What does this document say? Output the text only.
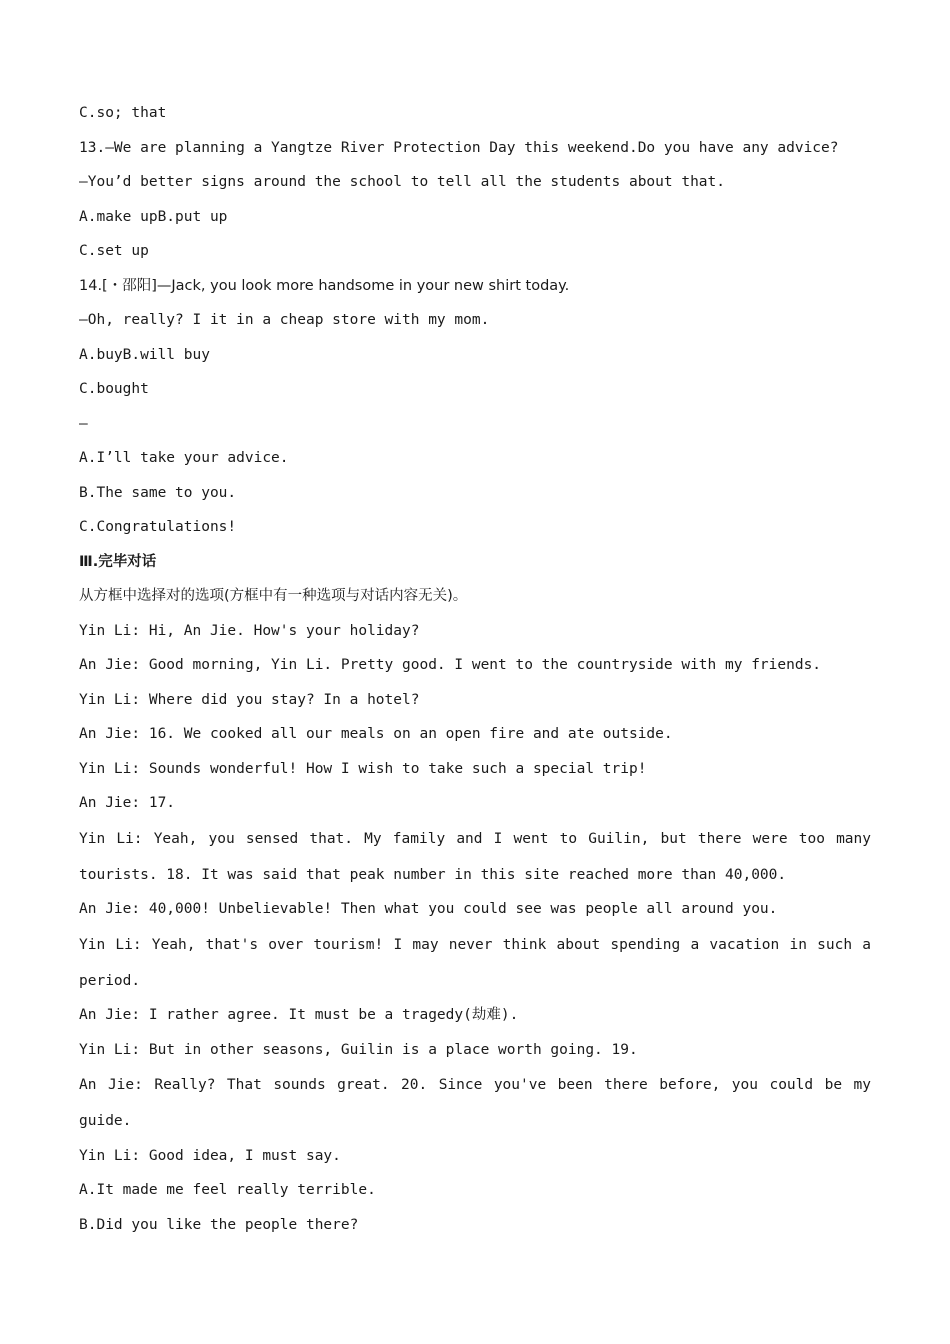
C.so; that
13.—We are planning a Yangtze River Protection Day this weekend.Do you have any advice?
—You’d better signs around the school to tell all the students about that.
A.make upB.put up
C.set up
14.[・邵阳]—Jack, you look more handsome in your new shirt today.
—Oh, really? I it in a cheap store with my mom.
A.buyB.will buy
C.bought
—
A.I’ll take your advice.
B.The same to you.
C.Congratulations!
Ⅲ.完毕对话
从方框中选择对的选项(方框中有一种选项与对话内容无关)。
Yin Li: Hi, An Jie. How's your holiday?
An Jie: Good morning, Yin Li. Pretty good. I went to the countryside with my friends.
Yin Li: Where did you stay? In a hotel?
An Jie: 16. We cooked all our meals on an open fire and ate outside.
Yin Li: Sounds wonderful! How I wish to take such a special trip!
An Jie: 17.
Yin Li: Yeah, you sensed that. My family and I went to Guilin, but there were too many
tourists. 18. It was said that peak number in this site reached more than 40,000.
An Jie: 40,000! Unbelievable! Then what you could see was people all around you.
Yin Li: Yeah, that's over tourism! I may never think about spending a vacation in such a
period.
An Jie: I rather agree. It must be a tragedy(劫难).
Yin Li: But in other seasons, Guilin is a place worth going. 19.
An Jie: Really? That sounds great. 20. Since you've been there before, you could be my
guide.
Yin Li: Good idea, I must say.
A.It made me feel really terrible.
B.Did you like the people there?
